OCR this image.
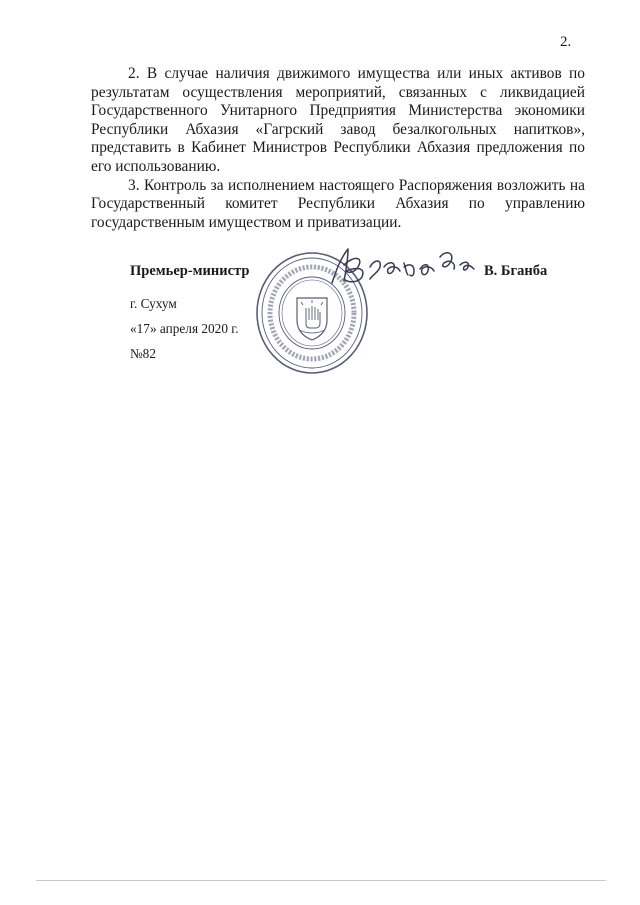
2.

2. В случае наличия движимого имущества или иных активов по результатам осуществления мероприятий, связанных с ликвидацией Государственного Унитарного Предприятия Министерства экономики Республики Абхазия «Гагрский завод безалкогольных напитков», представить в Кабинет Министров Республики Абхазия предложения по его использованию.

3. Контроль за исполнением настоящего Распоряжения возложить на Государственный комитет Республики Абхазия по управлению государственным имуществом и приватизации.

Премьер-министр	В. Бганба
г. Сухум
«17» апреля 2020 г.
№82
